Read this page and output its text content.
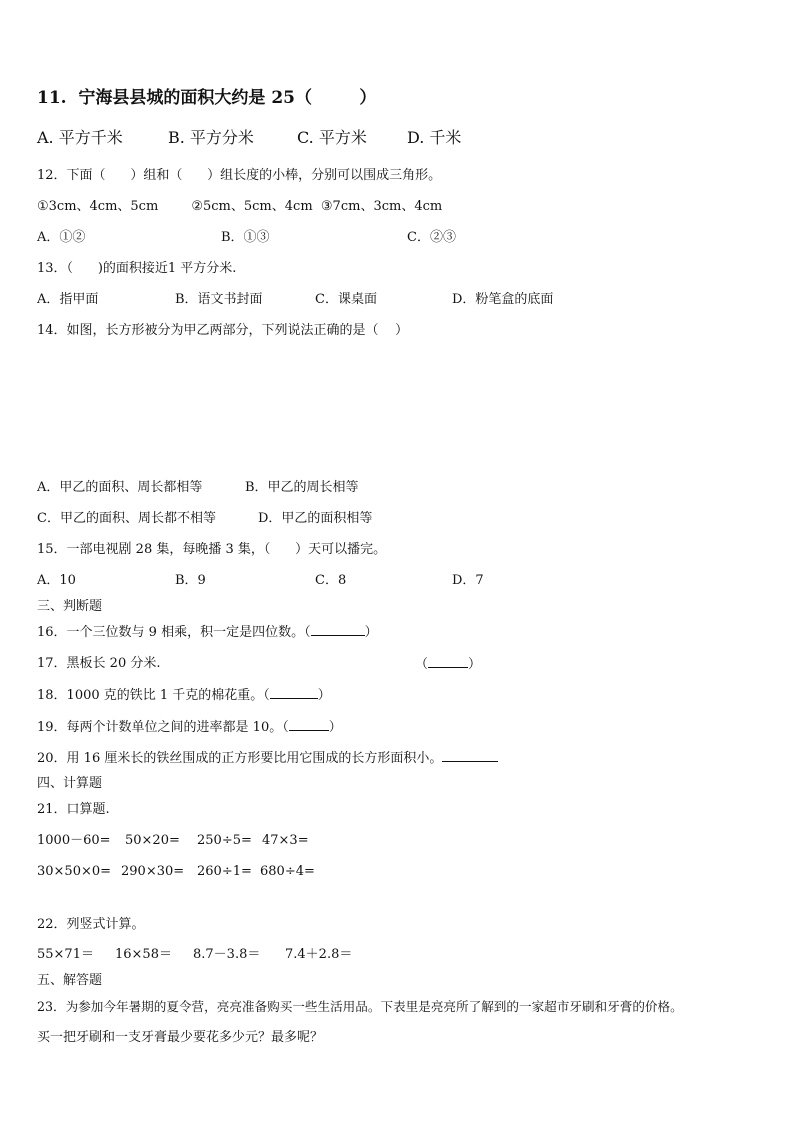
11.  宁海县县城的面积大约是 25（        ）
A. 平方千米	B. 平方分米	C. 平方米	D. 千米
12．下面（      ）组和（      ）组长度的小棒，分别可以围成三角形。
①3cm、4cm、5cm        ②5cm、5cm、4cm  ③7cm、3cm、4cm
A．①②	B．①③	C．②③
13．（      )的面积接近1 平方分米.
A．指甲面	B．语文书封面	C．课桌面	D．粉笔盒的底面
14．如图，长方形被分为甲乙两部分，下列说法正确的是（    ）
A．甲乙的面积、周长都相等	B．甲乙的周长相等
C．甲乙的面积、周长都不相等	D．甲乙的面积相等
15．一部电视剧 28 集，每晚播 3 集，（      ）天可以播完。
A．10	B．9	C．8	D．7
三、判断题
16．一个三位数与 9 相乘，积一定是四位数。（	）
17．黑板长 20 分米.	（	）
18．1000 克的铁比 1 千克的棉花重。（	）
19．每两个计数单位之间的进率都是 10。（	）
20．用 16 厘米长的铁丝围成的正方形要比用它围成的长方形面积小。
四、计算题
21．口算题.
1000－60= 50×20= 250÷5= 47×3=
30×50×0= 290×30= 260÷1= 680÷4=
22．列竖式计算。
55×71＝ 16×58＝ 8.7－3.8＝ 7.4＋2.8＝
五、解答题
23．为参加今年暑期的夏令营，亮亮准备购买一些生活用品。下表里是亮亮所了解到的一家超市牙刷和牙膏的价格。
买一把牙刷和一支牙膏最少要花多少元？最多呢？
